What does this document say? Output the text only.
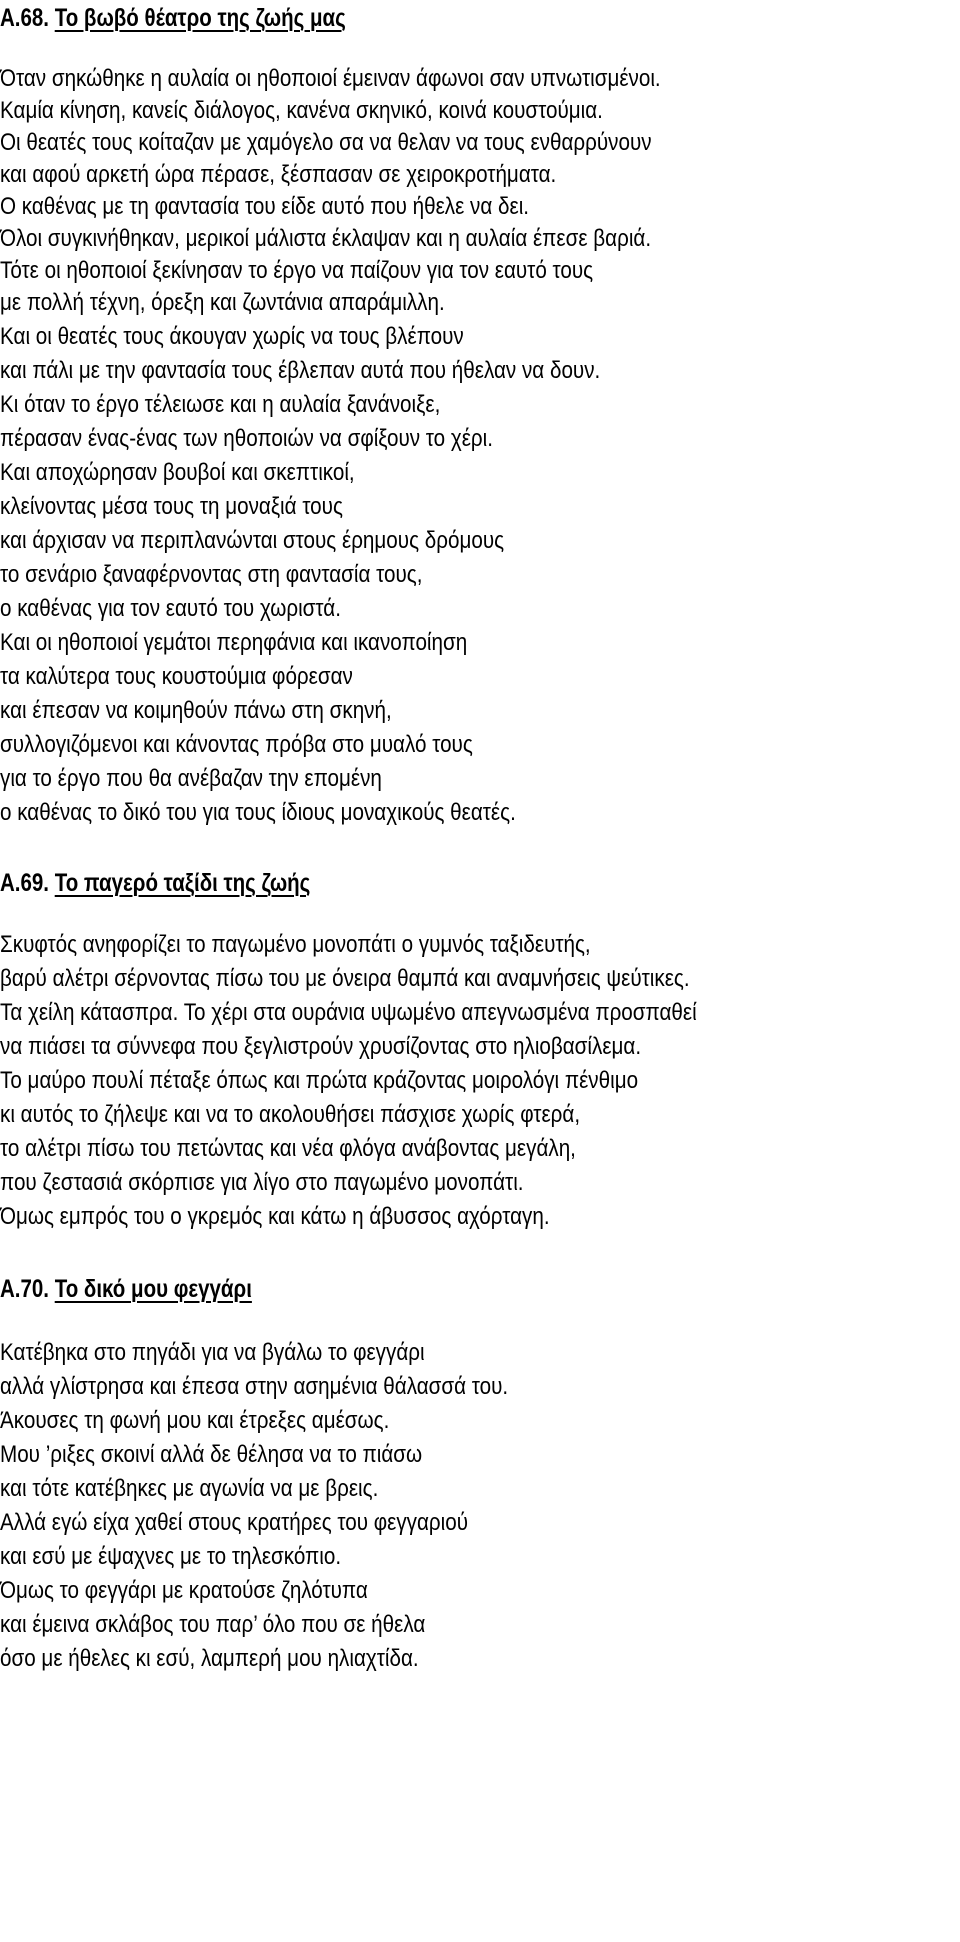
A.68. Το βωβό θέατρο της ζωής μας
Όταν σηκώθηκε η αυλαία οι ηθοποιοί έμειναν άφωνοι σαν υπνωτισμένοι.
Καμία κίνηση, κανείς διάλογος, κανένα σκηνικό, κοινά κουστούμια.
Οι θεατές τους κοίταζαν με χαμόγελο σα να θελαν να τους ενθαρρύνουν
και αφού αρκετή ώρα πέρασε, ξέσπασαν σε χειροκροτήματα.
Ο καθένας με τη φαντασία του είδε αυτό που ήθελε να δει.
Όλοι συγκινήθηκαν, μερικοί μάλιστα έκλαψαν και η αυλαία έπεσε βαριά.
Τότε οι ηθοποιοί ξεκίνησαν το έργο να παίζουν για τον εαυτό τους
με πολλή τέχνη, όρεξη και ζωντάνια απαράμιλλη.
Και οι θεατές τους άκουγαν χωρίς να τους βλέπουν
και πάλι με την φαντασία τους έβλεπαν αυτά που ήθελαν να δουν.
Κι όταν το έργο τέλειωσε και η αυλαία ξανάνοιξε,
πέρασαν ένας-ένας των ηθοποιών να σφίξουν το χέρι.
Και αποχώρησαν βουβοί και σκεπτικοί,
κλείνοντας μέσα τους τη μοναξιά τους
και άρχισαν να περιπλανώνται στους έρημους δρόμους
το σενάριο ξαναφέρνοντας στη φαντασία τους,
ο καθένας για τον εαυτό του χωριστά.
Και οι ηθοποιοί γεμάτοι περηφάνια και ικανοποίηση
τα καλύτερα τους κουστούμια φόρεσαν
και έπεσαν να κοιμηθούν πάνω στη σκηνή,
συλλογιζόμενοι και κάνοντας πρόβα στο μυαλό τους
για το έργο που θα ανέβαζαν την επομένη
ο καθένας το δικό του για τους ίδιους μοναχικούς θεατές.
A.69. Το παγερό ταξίδι της ζωής
Σκυφτός ανηφορίζει το παγωμένο μονοπάτι ο γυμνός ταξιδευτής,
βαρύ αλέτρι σέρνοντας πίσω του με όνειρα θαμπά και αναμνήσεις ψεύτικες.
Τα χείλη κάτασπρα. Το χέρι στα ουράνια υψωμένο απεγνωσμένα προσπαθεί
να πιάσει τα σύννεφα που ξεγλιστρούν χρυσίζοντας στο ηλιοβασίλεμα.
Το μαύρο πουλί πέταξε όπως και πρώτα κράζοντας μοιρολόγι πένθιμο
κι αυτός το ζήλεψε και να το ακολουθήσει πάσχισε χωρίς φτερά,
το αλέτρι πίσω του πετώντας και νέα φλόγα ανάβοντας μεγάλη,
που ζεστασιά σκόρπισε για λίγο στο παγωμένο μονοπάτι.
Όμως εμπρός του ο γκρεμός και κάτω η άβυσσος αχόρταγη.
A.70. Το δικό μου φεγγάρι
Κατέβηκα στο πηγάδι για να βγάλω το φεγγάρι
αλλά γλίστρησα και έπεσα στην ασημένια θάλασσά του.
Άκουσες τη φωνή μου και έτρεξες αμέσως.
Μου ’ριξες σκοινί αλλά δε θέλησα να το πιάσω
και τότε κατέβηκες με αγωνία να με βρεις.
Αλλά εγώ είχα χαθεί στους κρατήρες του φεγγαριού
και εσύ με έψαχνες με το τηλεσκόπιο.
Όμως το φεγγάρι με κρατούσε ζηλότυπα
και έμεινα σκλάβος του παρ’ όλο που σε ήθελα
όσο με ήθελες κι εσύ, λαμπερή μου ηλιαχτίδα.
